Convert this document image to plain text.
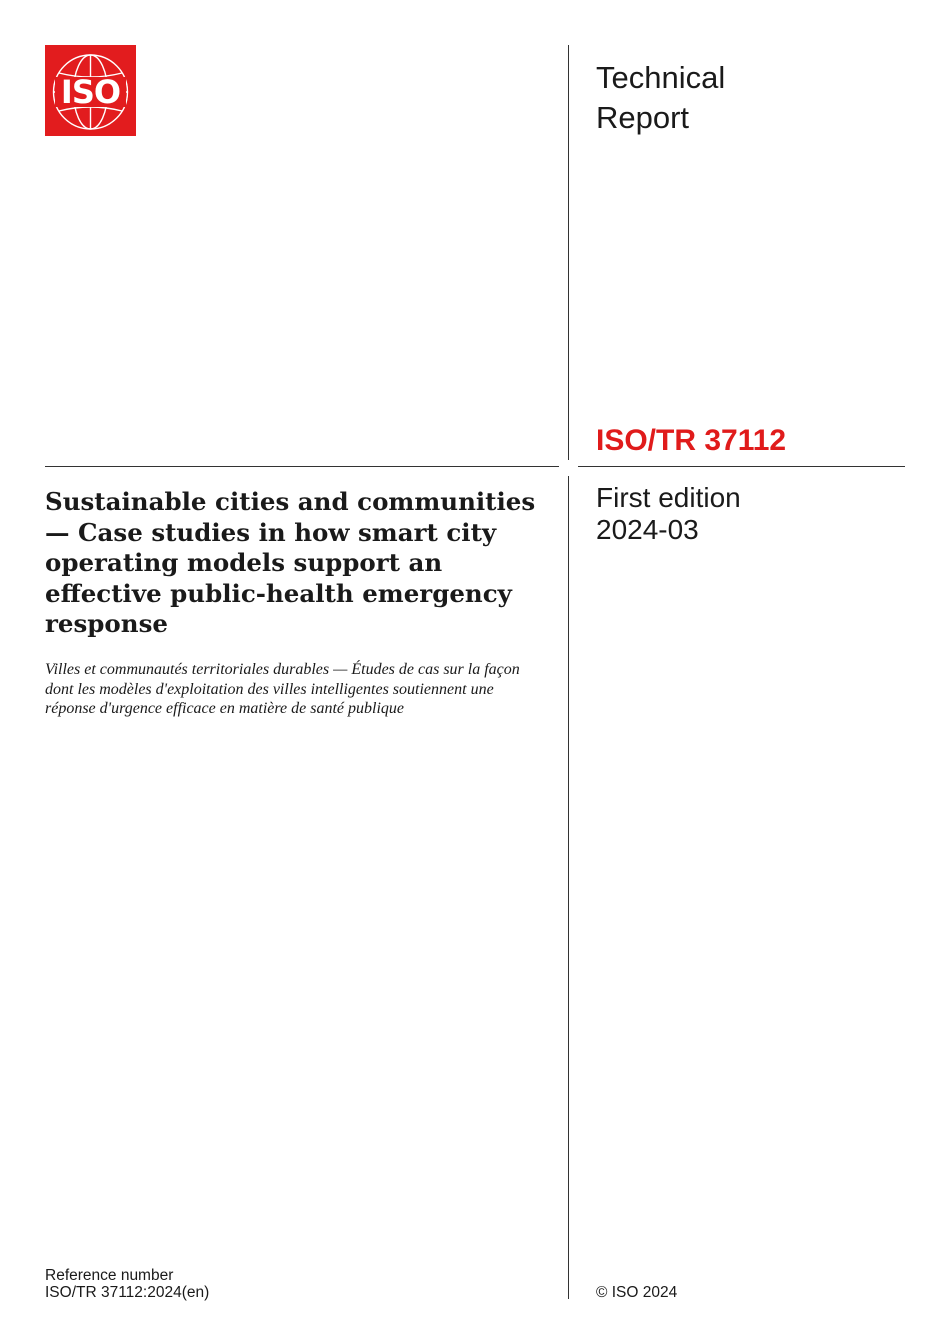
ISO	Technical
Report
ISO/TR 37112
First edition
2024-03
Sustainable cities and communities — Case studies in how smart city operating models support an effective public-health emergency response
Villes et communautés territoriales durables — Études de cas sur la façon dont les modèles d'exploitation des villes intelligentes soutiennent une réponse d'urgence efficace en matière de santé publique
Reference number
ISO/TR 37112:2024(en)	© ISO 2024
